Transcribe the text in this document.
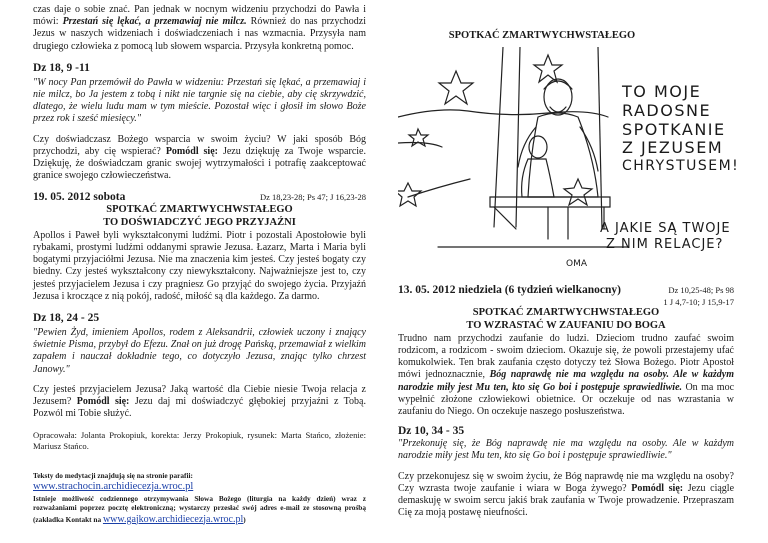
czas daje o sobie znać. Pan jednak w nocnym widzeniu przychodzi do Pawła i mówi: Przestań się lękać, a przemawiaj nie milcz. Również do nas przychodzi Jezus w naszych widzeniach i doświadczeniach i nas wzmacnia. Przysyła nam drugiego człowieka z pomocą lub słowem wsparcia. Przysyła konkretną pomoc.

Dz 18, 9 -11

"W nocy Pan przemówił do Pawła w widzeniu: Przestań się lękać, a przemawiaj i nie milcz, bo Ja jestem z tobą i nikt nie targnie się na ciebie, aby cię skrzywdzić, dlatego, że wielu ludu mam w tym mieście. Pozostał więc i głosił im słowo Boże przez rok i sześć miesięcy."

Czy doświadczasz Bożego wsparcia w swoim życiu? W jaki sposób Bóg przychodzi, aby cię wspierać? Pomódl się: Jezu dziękuję za Twoje wsparcie. Dziękuję, że doświadczam granic swojej wytrzymałości i potrafię zaakceptować granice swojego człowieczeństwa.

19. 05. 2012 sobota	Dz 18,23-28; Ps 47; J 16,23-28
SPOTKAĆ ZMARTWYCHWSTAŁEGO
TO DOŚWIADCZYĆ JEGO PRZYJAŹNI

Apollos i Paweł byli wykształconymi ludźmi. Piotr i pozostali Apostołowie byli rybakami, prostymi ludźmi oddanymi sprawie Jezusa. Łazarz, Marta i Maria byli bogatymi przyjaciółmi Jezusa. Nie ma znaczenia kim jesteś. Czy jesteś bogaty czy biedny. Czy jesteś wykształcony czy niewykształcony. Najważniejsze jest to, czy jesteś przyjacielem Jezusa i czy pragniesz Go przyjąć do swojego życia. Przyjaźń Jezusa i kroczące z nią pokój, radość, miłość są dla każdego. Za darmo.

Dz 18, 24 - 25

"Pewien Żyd, imieniem Apollos, rodem z Aleksandrii, człowiek uczony i znający świetnie Pisma, przybył do Efezu. Znał on już drogę Pańską, przemawiał z wielkim zapałem i nauczał dokładnie tego, co dotyczyło Jezusa, znając tylko chrzest Janowy."

Czy jesteś przyjacielem Jezusa? Jaką wartość dla Ciebie niesie Twoja relacja z Jezusem? Pomódl się: Jezu daj mi doświadczyć głębokiej przyjaźni z Tobą. Pozwól mi Tobie służyć.

Opracowała: Jolanta Prokopiuk, korekta: Jerzy Prokopiuk, rysunek: Marta Stańco, złożenie: Mariusz Stańco.

Teksty do medytacji znajdują się na stronie parafii:
www.strachocin.archidiecezja.wroc.pl

Istnieje możliwość codziennego otrzymywania Słowa Bożego (liturgia na każdy dzień) wraz z rozważaniami poprzez pocztę elektroniczną; wystarczy przesłać swój adres e-mail ze stosowną prośbą (zakładka Kontakt na www.gajkow.archidiecezja.wroc.pl)

SPOTKAĆ ZMARTWYCHWSTAŁEGO
TO MOJE
RADOSNE
SPOTKANIE
Z JEZUSEM
CHRYSTUSEM!
A JAKIE SĄ TWOJE
Z NIM RELACJE?
OMA
13. 05. 2012 niedziela (6 tydzień wielkanocny)	Dz 10,25-48; Ps 98
1 J 4,7-10; J 15,9-17
SPOTKAĆ ZMARTWYCHWSTAŁEGO
TO WZRASTAĆ W ZAUFANIU DO BOGA

Trudno nam przychodzi zaufanie do ludzi. Dzieciom trudno zaufać swoim rodzicom, a rodzicom - swoim dzieciom. Okazuje się, że powoli przestajemy ufać komukolwiek. Ten brak zaufania często dotyczy też Słowa Bożego. Piotr Apostoł mówi jednoznacznie, Bóg naprawdę nie ma względu na osoby. Ale w każdym narodzie miły jest Mu ten, kto się Go boi i postępuje sprawiedliwie. On ma moc wypełnić złożone człowiekowi obietnice. Or oczekuje od nas wzrastania w zaufaniu do Niego. On oczekuje naszego posłuszeństwa.

Dz 10, 34 - 35

"Przekonuję się, że Bóg naprawdę nie ma względu na osoby. Ale w każdym narodzie miły jest Mu ten, kto się Go boi i postępuje sprawiedliwie."

Czy przekonujesz się w swoim życiu, że Bóg naprawdę nie ma względu na osoby? Czy wzrasta twoje zaufanie i wiara w Boga żywego? Pomódl się: Jezu ciągle demaskuję w swoim sercu jakiś brak zaufania w Twoje prowadzenie. Przepraszam Cię za moją postawę nieufności.
